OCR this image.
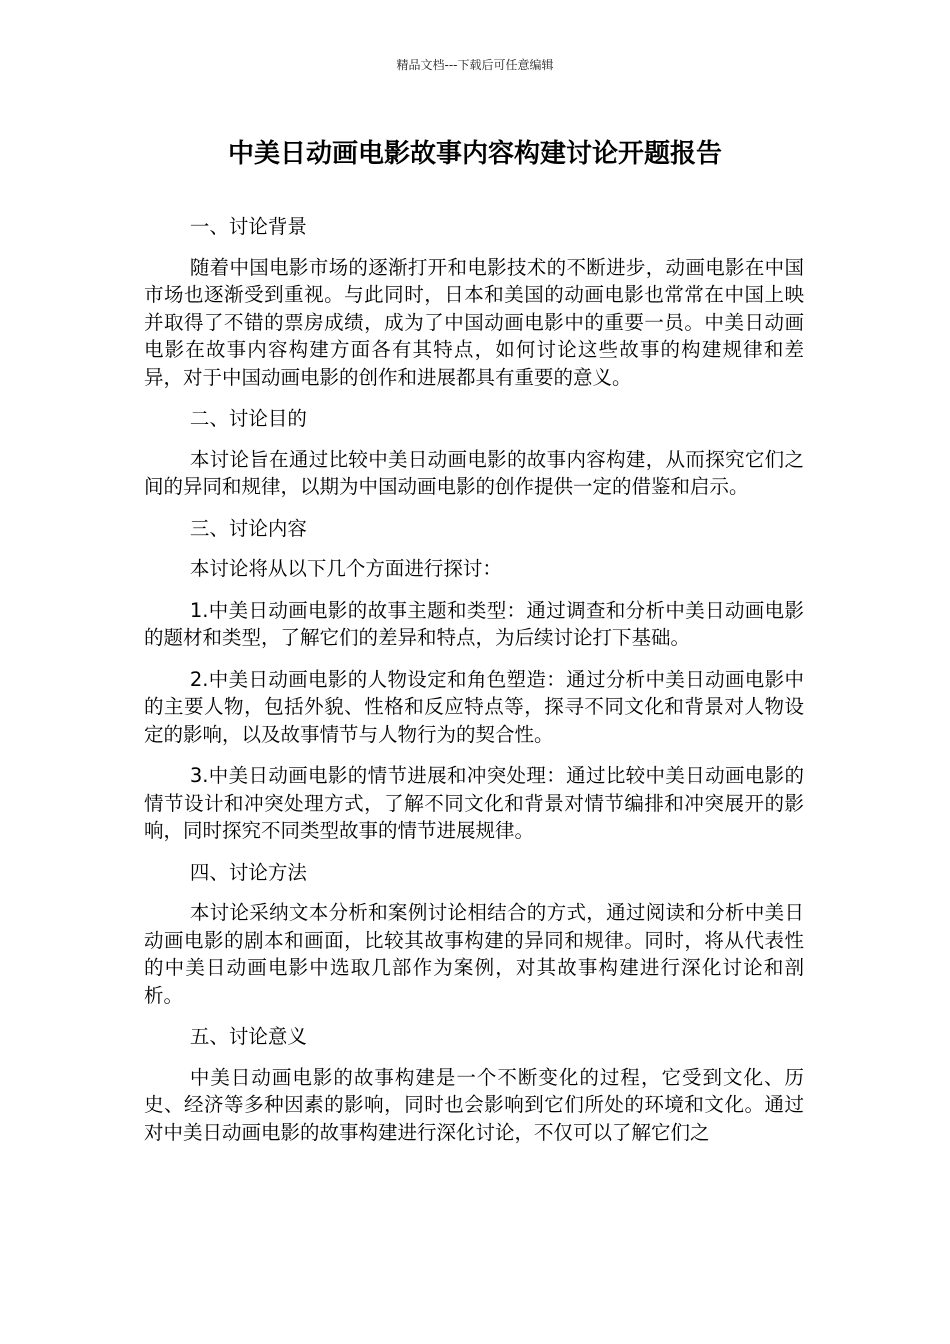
精品文档---下载后可任意编辑
中美日动画电影故事内容构建讨论开题报告

一、讨论背景

随着中国电影市场的逐渐打开和电影技术的不断进步，动画电影在中国市场也逐渐受到重视。与此同时，日本和美国的动画电影也常常在中国上映并取得了不错的票房成绩，成为了中国动画电影中的重要一员。中美日动画电影在故事内容构建方面各有其特点，如何讨论这些故事的构建规律和差异，对于中国动画电影的创作和进展都具有重要的意义。

二、讨论目的

本讨论旨在通过比较中美日动画电影的故事内容构建，从而探究它们之间的异同和规律，以期为中国动画电影的创作提供一定的借鉴和启示。

三、讨论内容

本讨论将从以下几个方面进行探讨：

1.中美日动画电影的故事主题和类型：通过调查和分析中美日动画电影的题材和类型，了解它们的差异和特点，为后续讨论打下基础。

2.中美日动画电影的人物设定和角色塑造：通过分析中美日动画电影中的主要人物，包括外貌、性格和反应特点等，探寻不同文化和背景对人物设定的影响，以及故事情节与人物行为的契合性。

3.中美日动画电影的情节进展和冲突处理：通过比较中美日动画电影的情节设计和冲突处理方式，了解不同文化和背景对情节编排和冲突展开的影响，同时探究不同类型故事的情节进展规律。

四、讨论方法

本讨论采纳文本分析和案例讨论相结合的方式，通过阅读和分析中美日动画电影的剧本和画面，比较其故事构建的异同和规律。同时，将从代表性的中美日动画电影中选取几部作为案例，对其故事构建进行深化讨论和剖析。

五、讨论意义

中美日动画电影的故事构建是一个不断变化的过程，它受到文化、历史、经济等多种因素的影响，同时也会影响到它们所处的环境和文化。通过对中美日动画电影的故事构建进行深化讨论，不仅可以了解它们之
